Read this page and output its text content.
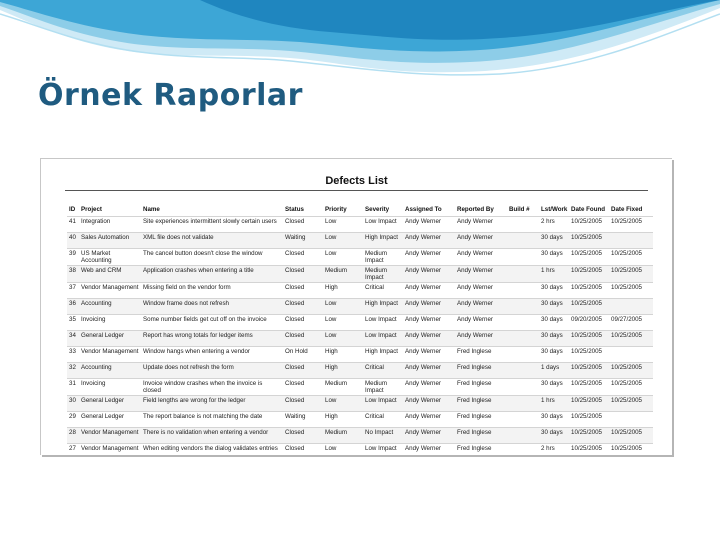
Örnek Raporlar
Defects List
ID	Project	Name	Status	Priority	Severity	Assigned To	Reported By	Build #	Lst/Work	Date Found	Date Fixed
41	Integration	Site experiences intermittent slowly certain users	Closed	Low	Low Impact	Andy Werner	Andy Werner		2 hrs	10/25/2005	10/25/2005
40	Sales Automation	XML file does not validate	Waiting	Low	High Impact	Andy Werner	Andy Werner		30 days	10/25/2005	
39	US Market Accounting	The cancel button doesn't close the window	Closed	Low	Medium Impact	Andy Werner	Andy Werner		30 days	10/25/2005	10/25/2005
38	Web and CRM	Application crashes when entering a title	Closed	Medium	Medium Impact	Andy Werner	Andy Werner		1 hrs	10/25/2005	10/25/2005
37	Vendor Management	Missing field on the vendor form	Closed	High	Critical	Andy Werner	Andy Werner		30 days	10/25/2005	10/25/2005
36	Accounting	Window frame does not refresh	Closed	Low	High Impact	Andy Werner	Andy Werner		30 days	10/25/2005	
35	Invoicing	Some number fields get cut off on the invoice	Closed	Low	Low Impact	Andy Werner	Andy Werner		30 days	09/20/2005	09/27/2005
34	General Ledger	Report has wrong totals for ledger items	Closed	Low	Low Impact	Andy Werner	Andy Werner		30 days	10/25/2005	10/25/2005
33	Vendor Management	Window hangs when entering a vendor	On Hold	High	High Impact	Andy Werner	Fred Inglese		30 days	10/25/2005	
32	Accounting	Update does not refresh the form	Closed	High	Critical	Andy Werner	Fred Inglese		1 days	10/25/2005	10/25/2005
31	Invoicing	Invoice window crashes when the invoice is closed	Closed	Medium	Medium Impact	Andy Werner	Fred Inglese		30 days	10/25/2005	10/25/2005
30	General Ledger	Field lengths are wrong for the ledger	Closed	Low	Low Impact	Andy Werner	Fred Inglese		1 hrs	10/25/2005	10/25/2005
29	General Ledger	The report balance is not matching the date	Waiting	High	Critical	Andy Werner	Fred Inglese		30 days	10/25/2005	
28	Vendor Management	There is no validation when entering a vendor	Closed	Medium	No Impact	Andy Werner	Fred Inglese		30 days	10/25/2005	10/25/2005
27	Vendor Management	When editing vendors the dialog validates entries	Closed	Low	Low Impact	Andy Werner	Fred Inglese		2 hrs	10/25/2005	10/25/2005
